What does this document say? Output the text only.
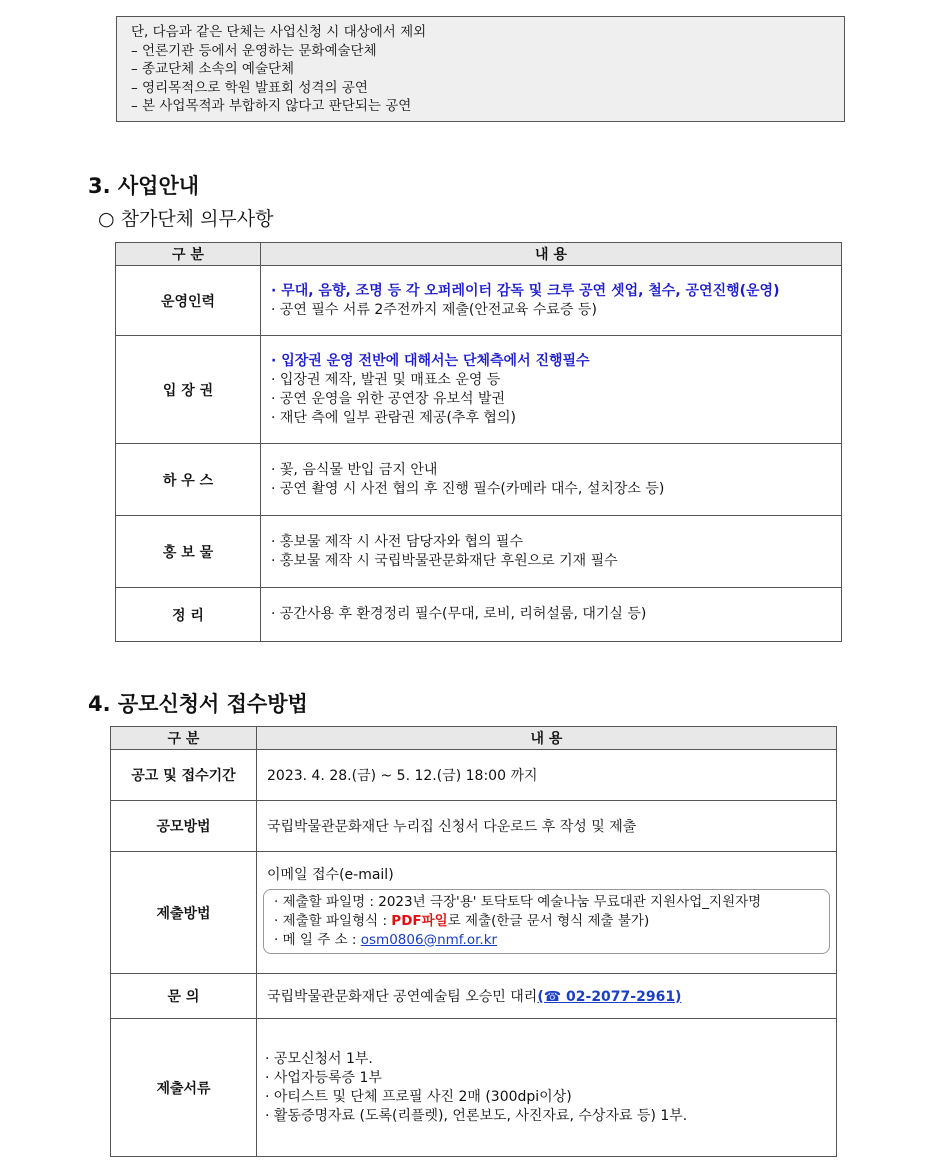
단, 다음과 같은 단체는 사업신청 시 대상에서 제외
– 언론기관 등에서 운영하는 문화예술단체
– 종교단체 소속의 예술단체
– 영리목적으로 학원 발표회 성격의 공연
– 본 사업목적과 부합하지 않다고 판단되는 공연
3. 사업안내
○ 참가단체 의무사항
구 분	내 용
운영인력	· 무대, 음향, 조명 등 각 오퍼레이터 감독 및 크루 공연 셋업, 철수, 공연진행(운영)
· 공연 필수 서류 2주전까지 제출(안전교육 수료증 등)

입 장 권	· 입장권 운영 전반에 대해서는 단체측에서 진행필수
· 입장권 제작, 발권 및 매표소 운영 등
· 공연 운영을 위한 공연장 유보석 발권
· 재단 측에 일부 관람권 제공(추후 협의)

하 우 스	· 꽃, 음식물 반입 금지 안내
· 공연 촬영 시 사전 협의 후 진행 필수(카메라 대수, 설치장소 등)

홍 보 물	· 홍보물 제작 시 사전 담당자와 협의 필수
· 홍보물 제작 시 국립박물관문화재단 후원으로 기재 필수

정 리	· 공간사용 후 환경정리 필수(무대, 로비, 리허설룸, 대기실 등)
4. 공모신청서 접수방법
구 분	내 용
공고 및 접수기간	2023. 4. 28.(금) ~ 5. 12.(금) 18:00 까지
공모방법	국립박물관문화재단 누리집 신청서 다운로드 후 작성 및 제출
제출방법	이메일 접수(e-mail)
· 제출할 파일명 : 2023년 극장'용' 토닥토닥 예술나눔 무료대관 지원사업_지원자명
· 제출할 파일형식 : PDF파일로 제출(한글 문서 형식 제출 불가)
· 메 일 주 소 : osm0806@nmf.or.kr

문 의	국립박물관문화재단 공연예술팀 오승민 대리(☎ 02-2077-2961)
제출서류	· 공모신청서 1부.
· 사업자등록증 1부
· 아티스트 및 단체 프로필 사진 2매 (300dpi이상)
· 활동증명자료 (도록(리플렛), 언론보도, 사진자료, 수상자료 등) 1부.
